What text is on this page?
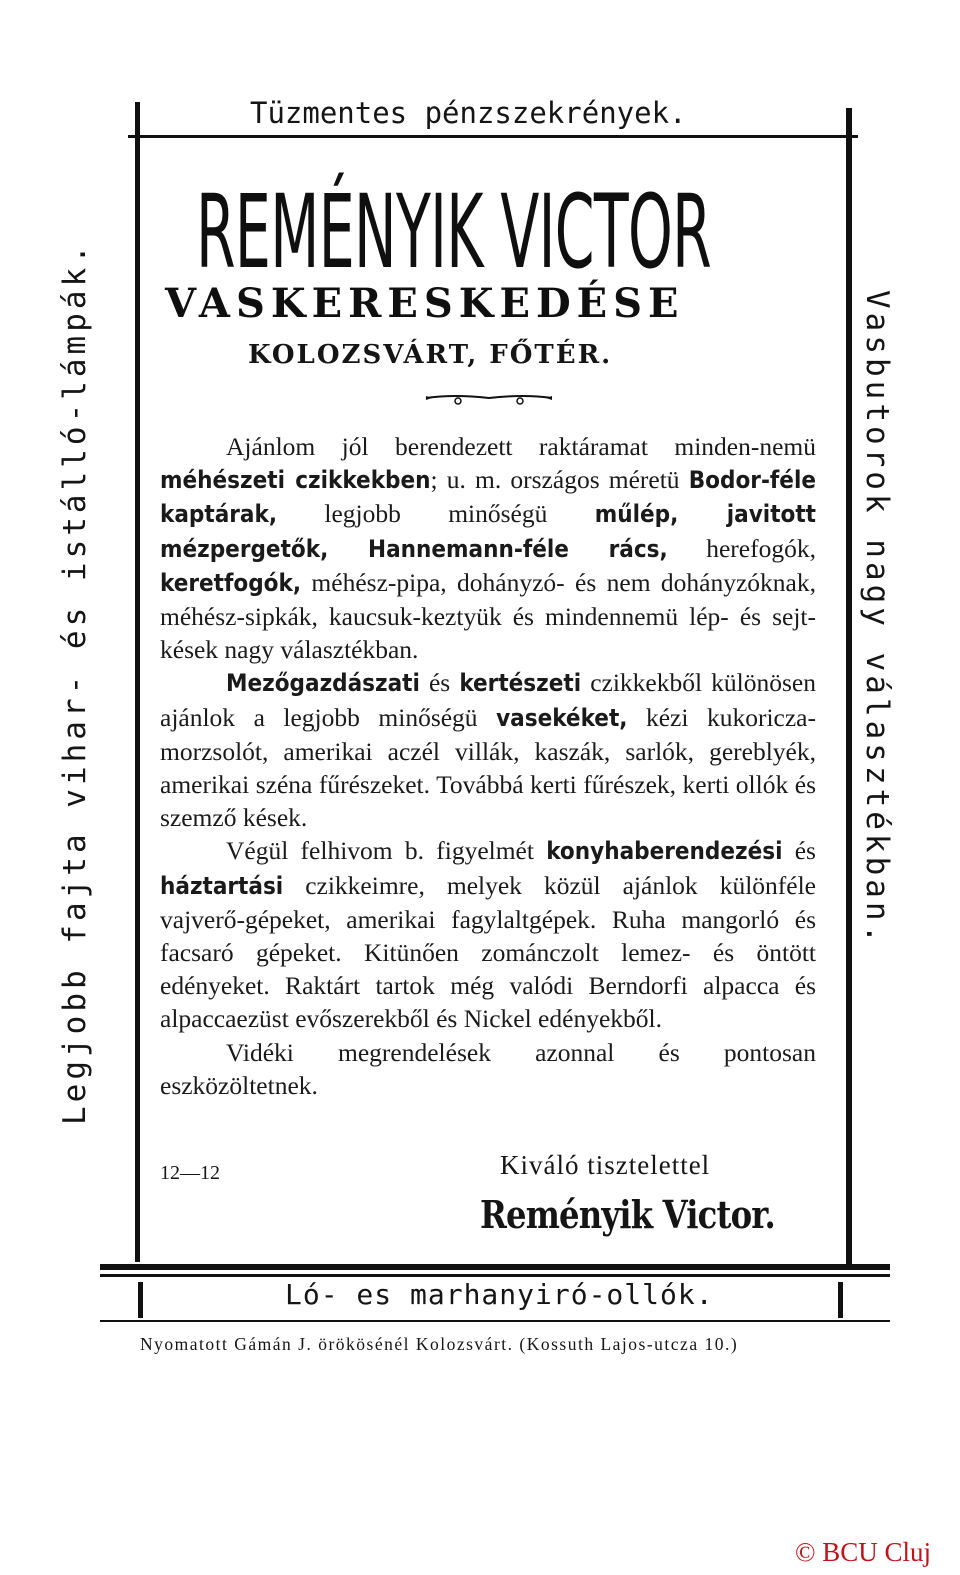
Tüzmentes pénzszekrények.
Legjobb fajta vihar- és istálló-lámpák.	Vasbutorok nagy választékban.
REMÉNYIK VICTOR
VASKERESKEDÉSE
KOLOZSVÁRT, FŐTÉR.

Ajánlom jól berendezett raktáramat minden-nemü méhészeti czikkekben; u. m. országos méretü Bodor-féle kaptárak, legjobb minőségü műlép, javitott mézpergetők, Hannemann-féle rács, herefogók, keretfogók, méhész-pipa, dohányzó- és nem dohányzóknak, méhész-sipkák, kaucsuk-keztyük és mindennemü lép- és sejt-kések nagy választékban.

Mezőgazdászati és kertészeti czikkekből különösen ajánlok a legjobb minőségü vasekéket, kézi kukoricza-morzsolót, amerikai aczél villák, kaszák, sarlók, gereblyék, amerikai széna fűrészeket. Továbbá kerti fűrészek, kerti ollók és szemző kések.

Végül felhivom b. figyelmét konyhaberendezési és háztartási czikkeimre, melyek közül ajánlok különféle vajverő-gépeket, amerikai fagylaltgépek. Ruha mangorló és facsaró gépeket. Kitünően zománczolt lemez- és öntött edényeket. Raktárt tartok még valódi Berndorfi alpacca és alpaccaezüst evőszerekből és Nickel edényekből.

Vidéki megrendelések azonnal és pontosan eszközöltetnek.

12—12	Kiváló tisztelettel
Reményik Victor.
Ló- es marhanyiró-ollók.
Nyomatott Gámán J. örökösénél Kolozsvárt. (Kossuth Lajos-utcza 10.)
© BCU Cluj
